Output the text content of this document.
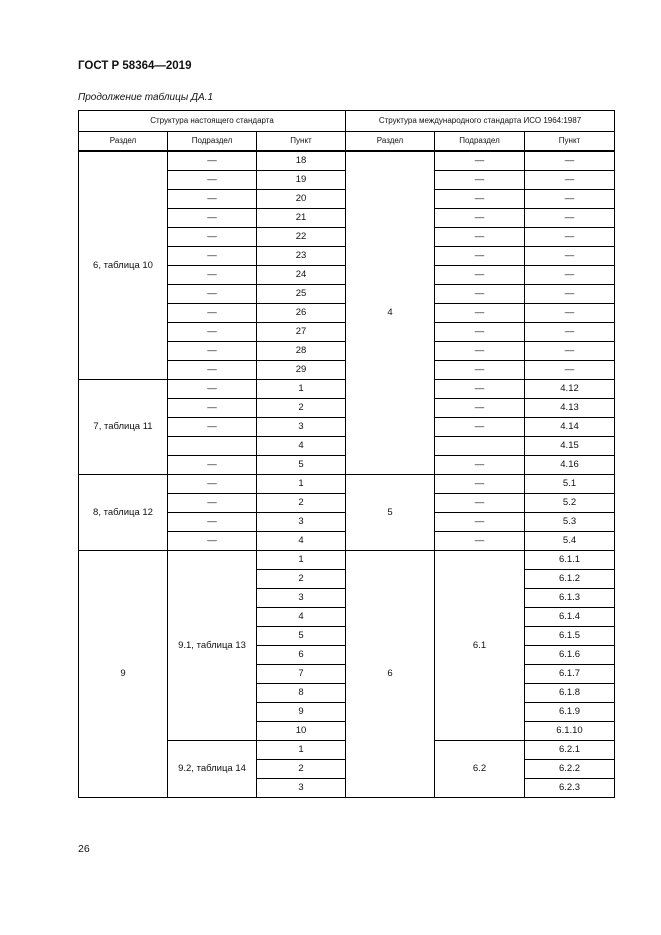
ГОСТ Р 58364—2019
Продолжение таблицы ДА.1
Структура настоящего стандарта			Структура международного стандарта ИСО 1964:1987		
Раздел	Подраздел	Пункт	Раздел	Подраздел	Пункт
6, таблица 10	—	18	4	—	—
	—	19		—	—
	—	20		—	—
	—	21		—	—
	—	22		—	—
	—	23		—	—
	—	24		—	—
	—	25		—	—
	—	26		—	—
	—	27		—	—
	—	28		—	—
	—	29		—	—
7, таблица 11	—	1		—	4.12
	—	2		—	4.13
	—	3		—	4.14
		4			4.15
	—	5		—	4.16
8, таблица 12	—	1	5	—	5.1
	—	2		—	5.2
	—	3		—	5.3
	—	4		—	5.4
9	9.1, таблица 13	1	6	6.1	6.1.1
		2			6.1.2
		3			6.1.3
		4			6.1.4
		5			6.1.5
		6			6.1.6
		7			6.1.7
		8			6.1.8
		9			6.1.9
		10			6.1.10
	9.2, таблица 14	1		6.2	6.2.1
		2			6.2.2
		3			6.2.3
26
